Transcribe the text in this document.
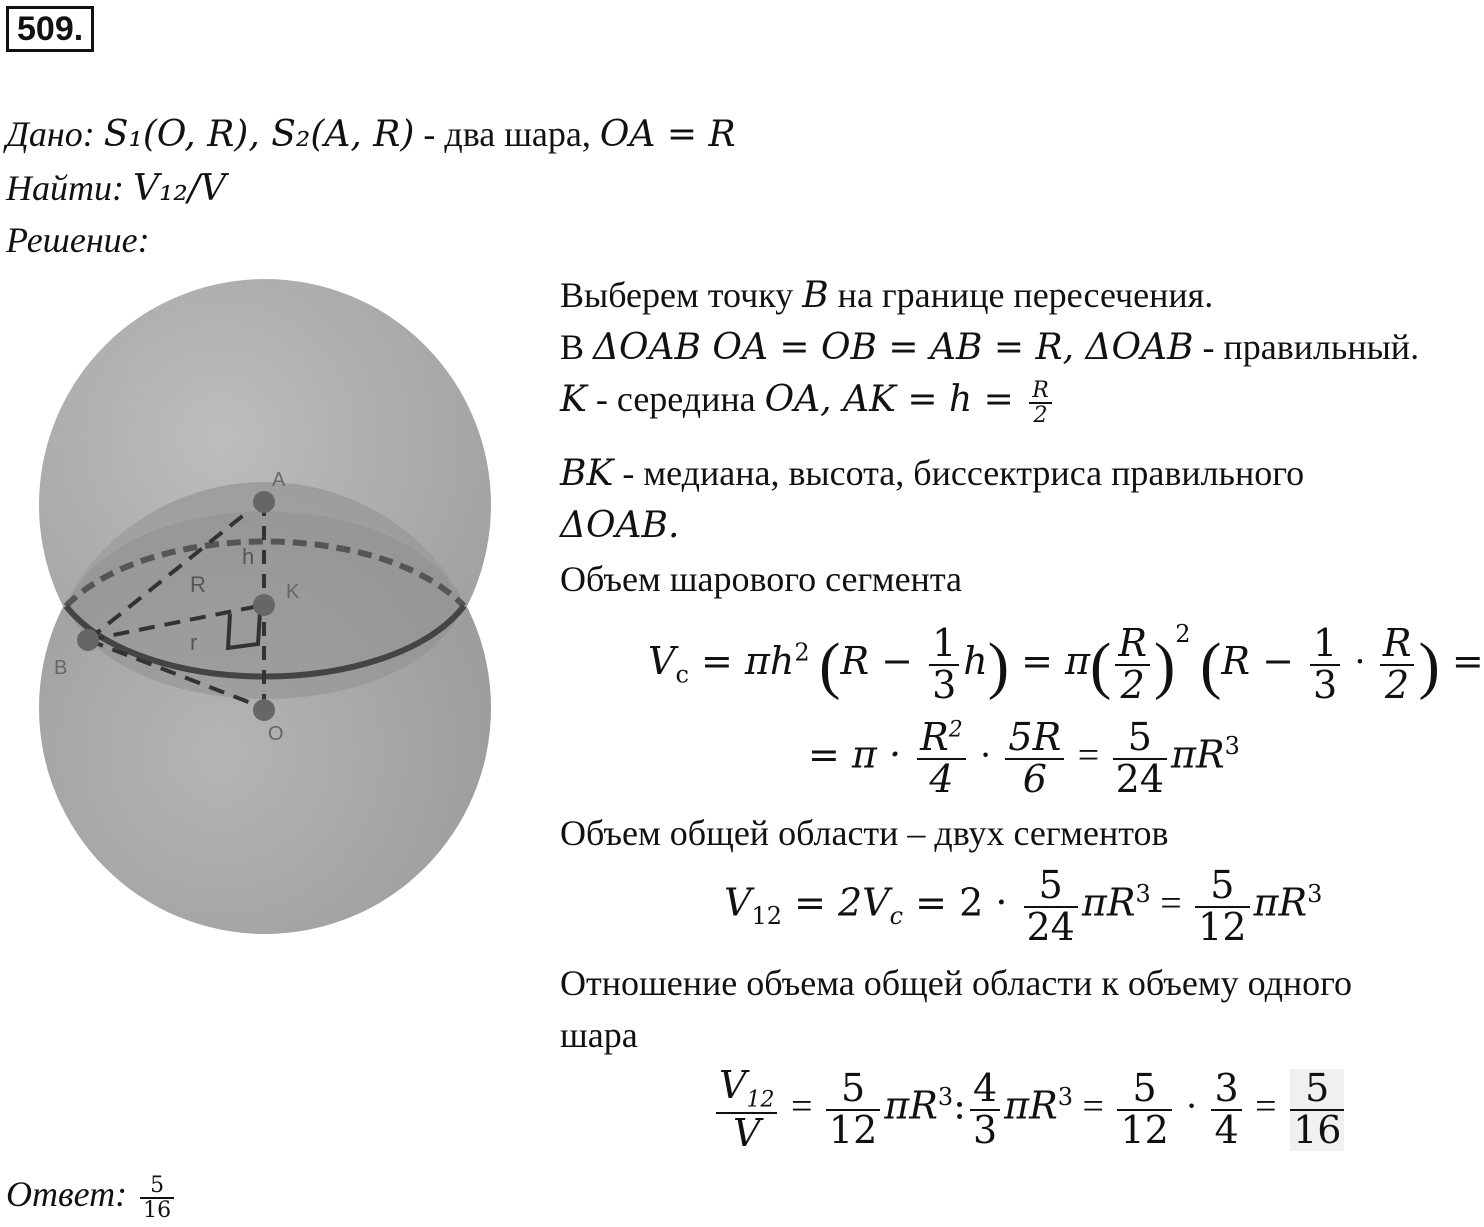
509.
Дано: S₁(O, R), S₂(A, R) - два шара, OA = R
Найти: V₁₂/V
Решение:
A
K
O
B
h
R
r
Выберем точку B на границе пересечения.
В ΔOAB OA = OB = AB = R, ΔOAB - правильный.
K - середина OA, AK = $h = \frac{R}{2}$
BK - медиана, высота, биссектриса правильного
ΔOAB.
Объем шарового сегмента
$V_с = \pi h^2$ $(R - \frac{1}{3} h) = \pi( \frac{R}{2} )^2$ ($R - \frac{1}{3} \cdot \frac{R}{2}$ ) =
= $\pi \cdot \frac{R^2}{4} \cdot \frac{5R}{6} = \frac{5}{24} \pi R^3$
Объем общей области – двух сегментов
$V_{12} = 2V_c = 2 \cdot \frac{5}{24} \pi R^3 = \frac{5}{12} \pi R^3$
Отношение объема общей области к объему одного
шара
$\frac{V_{12}}{V} = \frac{5}{12} \pi R^3$: $\frac{4}{3} \pi R^3 = \frac{5}{12} \cdot \frac{3}{4} = \frac{5}{16}$
Ответ: $\frac{5}{16}$
